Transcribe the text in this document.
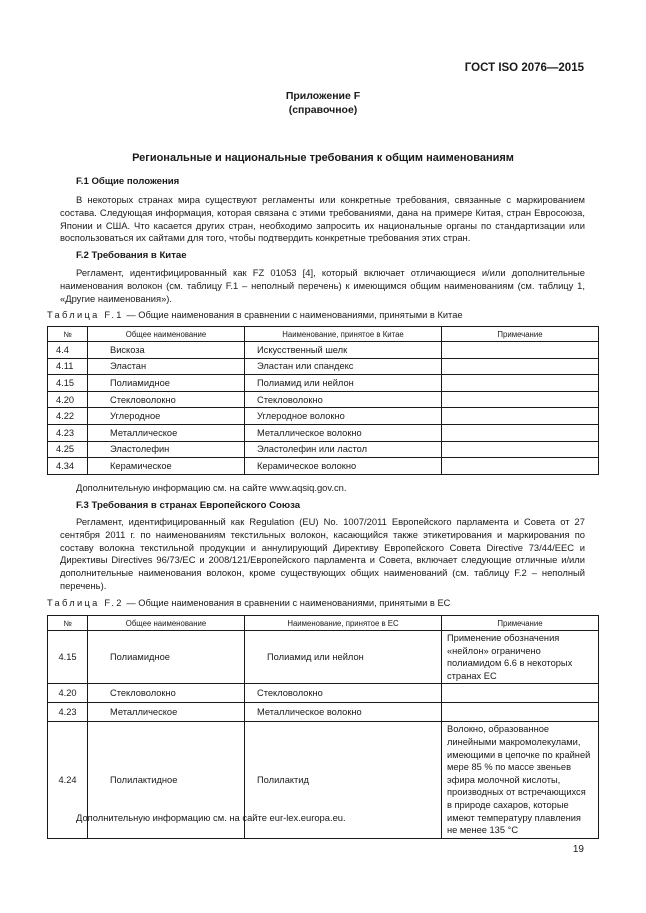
ГОСТ ISO 2076—2015
Приложение F
(справочное)
Региональные и национальные требования к общим наименованиям
F.1 Общие положения
В некоторых странах мира существуют регламенты или конкретные требования, связанные с маркированием состава. Следующая информация, которая связана с этими требованиями, дана на примере Китая, стран Евросоюза, Японии и США. Что касается других стран, необходимо запросить их национальные органы по стандартизации или воспользоваться их сайтами для того, чтобы подтвердить конкретные требования этих стран.
F.2 Требования в Китае
Регламент, идентифицированный как FZ 01053 [4], который включает отличающиеся и/или дополнительные наименования волокон (см. таблицу F.1 – неполный перечень) к имеющимся общим наименованиям (см. таблицу 1, «Другие наименования»).
Таблица F.1 — Общие наименования в сравнении с наименованиями, принятыми в Китае
№	Общее наименование	Наименование, принятое в Китае	Примечание
4.4	Вискоза	Искусственный шелк	
4.11	Эластан	Эластан или спандекс	
4.15	Полиамидное	Полиамид или нейлон	
4.20	Стекловолокно	Стекловолокно	
4.22	Углеродное	Углеродное волокно	
4.23	Металлическое	Металлическое волокно	
4.25	Эластолефин	Эластолефин или ластол	
4.34	Керамическое	Керамическое волокно	
Дополнительную информацию см. на сайте www.aqsiq.gov.cn.
F.3 Требования в странах Европейского Союза
Регламент, идентифицированный как Regulation (EU) No. 1007/2011 Европейского парламента и Совета от 27 сентября 2011 г. по наименованиям текстильных волокон, касающийся также этикетирования и маркирования по составу волокна текстильной продукции и аннулирующий Директиву Европейского Совета Directive 73/44/EEC и Директивы Directives 96/73/EC и 2008/121/Европейского парламента и Совета, включает следующие отличные и/или дополнительные наименования волокон, кроме существующих общих наименований (см. таблицу F.2 – неполный перечень).
Таблица F.2 — Общие наименования в сравнении с наименованиями, принятыми в ЕС
№	Общее наименование	Наименование, принятое в ЕС	Примечание
4.15	Полиамидное	Полиамид или нейлон	Применение обозначения «нейлон» ограничено полиамидом 6.6 в некоторых странах ЕС
4.20	Стекловолокно	Стекловолокно	
4.23	Металлическое	Металлическое волокно	
4.24	Полилактидное	Полилактид	Волокно, образованное линейными макромолекулами, имеющими в цепочке по крайней мере 85 % по массе звеньев эфира молочной кислоты, производных от встречающихся в природе сахаров, которые имеют температуру плавления не менее 135 °С
Дополнительную информацию см. на сайте eur-lex.europa.eu.
19
